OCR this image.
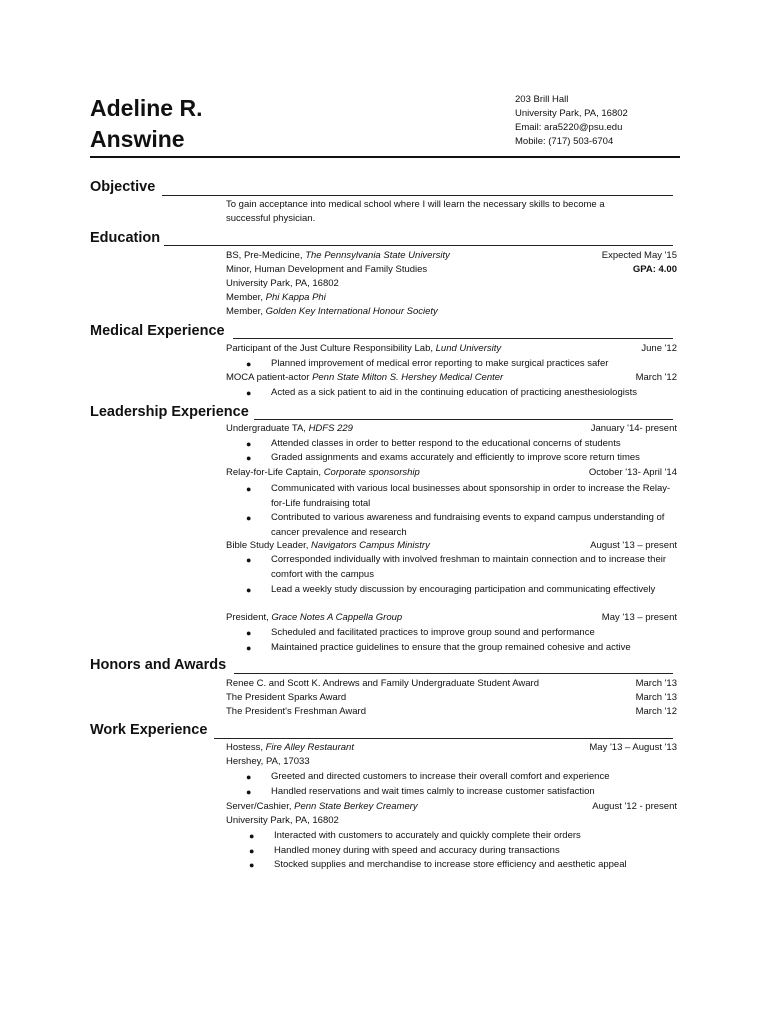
Adeline R.
Answine
203 Brill Hall
University Park, PA, 16802
Email: ara5220@psu.edu
Mobile: (717) 503-6704
Objective
To gain acceptance into medical school where I will learn the necessary skills to become a
successful physician.
Education
BS, Pre-Medicine, The Pennsylvania State University	Expected May '15
Minor, Human Development and Family Studies	GPA: 4.00
University Park, PA, 16802
Member, Phi Kappa Phi
Member, Golden Key International Honour Society
Medical Experience
Participant of the Just Culture Responsibility Lab, Lund University	June '12
● Planned improvement of medical error reporting to make surgical practices safer
MOCA patient-actor Penn State Milton S. Hershey Medical Center	March '12
● Acted as a sick patient to aid in the continuing education of practicing anesthesiologists
Leadership Experience
Undergraduate TA, HDFS 229	January '14- present
● Attended classes in order to better respond to the educational concerns of students
● Graded assignments and exams accurately and efficiently to improve score return times
Relay-for-Life Captain, Corporate sponsorship	October '13- April '14
● Communicated with various local businesses about sponsorship in order to increase the Relay-for-Life fundraising total
● Contributed to various awareness and fundraising events to expand campus understanding of cancer prevalence and research
Bible Study Leader, Navigators Campus Ministry	August '13 – present
● Corresponded individually with involved freshman to maintain connection and to increase their comfort with the campus
● Lead a weekly study discussion by encouraging participation and communicating effectively
President, Grace Notes A Cappella Group	May '13 – present
● Scheduled and facilitated practices to improve group sound and performance
● Maintained practice guidelines to ensure that the group remained cohesive and active
Honors and Awards
Renee C. and Scott K. Andrews and Family Undergraduate Student Award	March '13
The President Sparks Award	March '13
The President's Freshman Award	March '12
Work Experience
Hostess, Fire Alley Restaurant	May '13 – August '13
Hershey, PA, 17033
● Greeted and directed customers to increase their overall comfort and experience
● Handled reservations and wait times calmly to increase customer satisfaction
Server/Cashier, Penn State Berkey Creamery	August '12 - present
University Park, PA, 16802
● Interacted with customers to accurately and quickly complete their orders
● Handled money during with speed and accuracy during transactions
● Stocked supplies and merchandise to increase store efficiency and aesthetic appeal
